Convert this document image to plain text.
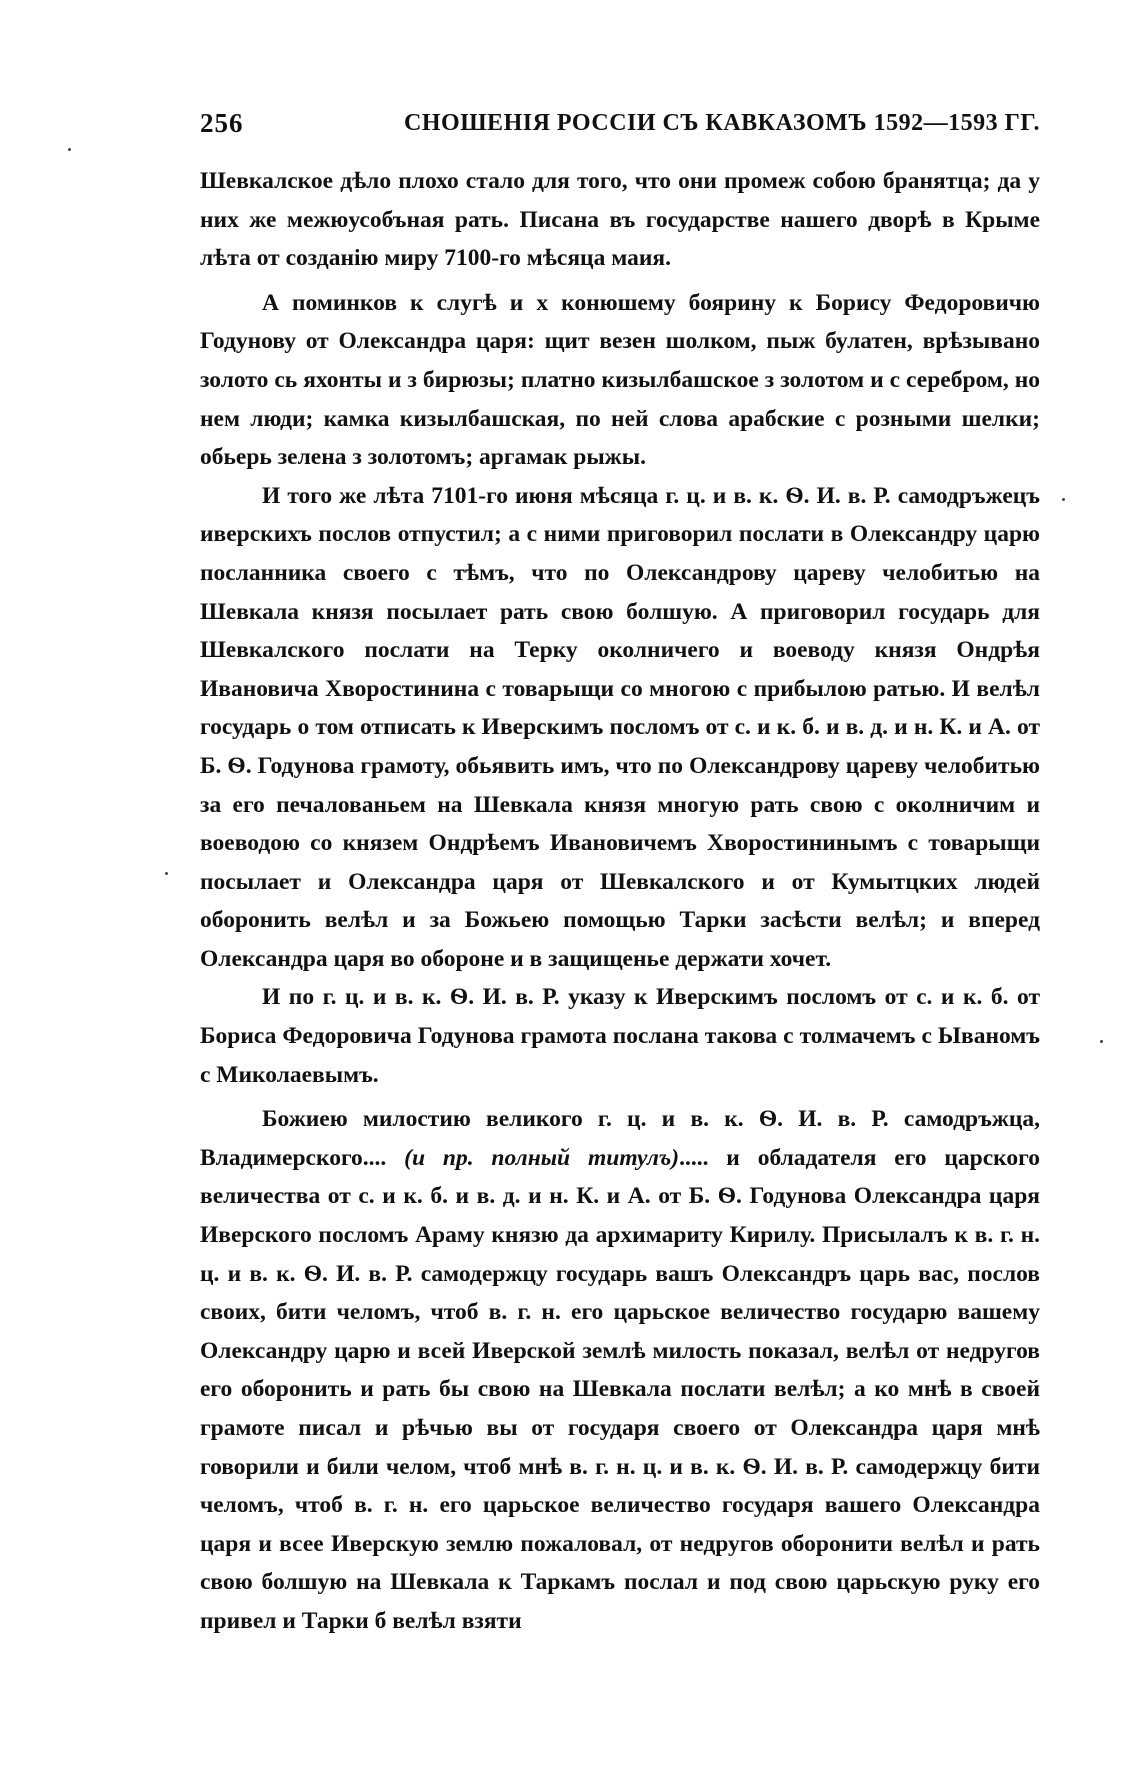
256	СНОШЕНІЯ РОССІИ СЪ КАВКАЗОМЪ 1592—1593 ГГ.

Шевкалское дѣло плохо стало для того, что они промеж собою бранятца; да у них же межюусобъная рать. Писана въ государстве нашего дворѣ в Крыме лѣта от созданію миру 7100-го мѣсяца маия.

А поминков к слугѣ и х конюшему боярину к Борису Федоровичю Годунову от Олександра царя: щит везен шолком, пыж булатен, врѣзывано золото сь яхонты и з бирюзы; платно кизылбашское з золотом и с серебром, но нем люди; камка кизылбашская, по ней слова арабские с розными шелки; обьерь зелена з золотомъ; аргамак рыжы.

И того же лѣта 7101-го июня мѣсяца г. ц. и в. к. Ѳ. И. в. Р. самодръжецъ иверскихъ послов отпустил; а с ними приговорил послати в Олександру царю посланника своего с тѣмъ, что по Олександрову цареву челобитью на Шевкала князя посылает рать свою болшую. А приговорил государь для Шевкалского послати на Терку околничего и воеводу князя Ондрѣя Ивановича Хворостинина с товарыщи со многою с прибылою ратью. И велѣл государь о том отписать к Иверскимъ посломъ от с. и к. б. и в. д. и н. К. и А. от Б. Ѳ. Годунова грамоту, обьявить имъ, что по Олександрову цареву челобитью за его печалованьем на Шевкала князя многую рать свою с околничим и воеводою со князем Ондрѣемъ Ивановичемъ Хворостининымъ с товарыщи посылает и Олександра царя от Шевкалского и от Кумытцких людей оборонить велѣл и за Божьею помощью Тарки засѣсти велѣл; и вперед Олександра царя во обороне и в защищенье держати хочет.

И по г. ц. и в. к. Ѳ. И. в. Р. указу к Иверскимъ посломъ от с. и к. б. от Бориса Федоровича Годунова грамота послана такова с толмачемъ с Ываномъ с Миколаевымъ.

Божиею милостию великого г. ц. и в. к. Ѳ. И. в. Р. самодръжца, Владимерского.... (и пр. полный титулъ)..... и обладателя его царского величества от с. и к. б. и в. д. и н. К. и А. от Б. Ѳ. Годунова Олександра царя Иверского посломъ Араму князю да архимариту Кирилу. Присылалъ к в. г. н. ц. и в. к. Ѳ. И. в. Р. самодержцу государь вашъ Олександръ царь вас, послов своих, бити челомъ, чтоб в. г. н. его царьское величество государю вашему Олександру царю и всей Иверской землѣ милость показал, велѣл от недругов его оборонить и рать бы свою на Шевкала послати велѣл; а ко мнѣ в своей грамоте писал и рѣчью вы от государя своего от Олександра царя мнѣ говорили и били челом, чтоб мнѣ в. г. н. ц. и в. к. Ѳ. И. в. Р. самодержцу бити челомъ, чтоб в. г. н. его царьское величество государя вашего Олександра царя и всее Иверскую землю пожаловал, от недругов оборонити велѣл и рать свою болшую на Шевкала к Таркамъ послал и под свою царьскую руку его привел и Тарки б велѣл взяти
